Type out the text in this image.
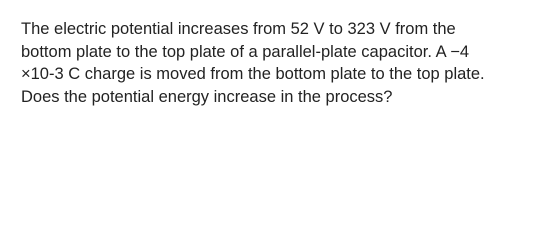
The electric potential increases from 52 V to 323 V from the
bottom plate to the top plate of a parallel-plate capacitor. A −4
×10-3 C charge is moved from the bottom plate to the top plate.
Does the potential energy increase in the process?
